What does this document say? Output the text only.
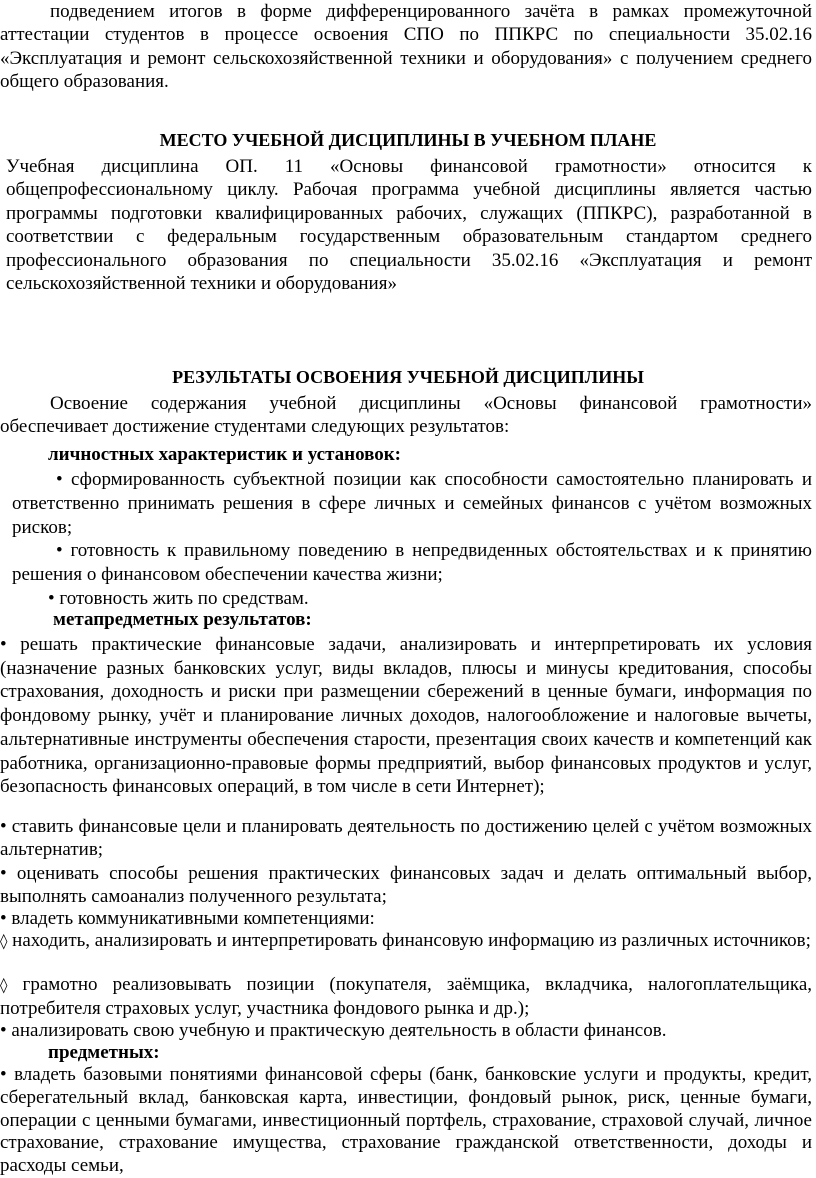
подведением итогов в форме дифференцированного зачёта в рамках промежуточной аттестации студентов в процессе освоения СПО по ППКРС по специальности 35.02.16 «Эксплуатация и ремонт сельскохозяйственной техники и оборудования» с получением среднего общего образования.

МЕСТО УЧЕБНОЙ ДИСЦИПЛИНЫ В УЧЕБНОМ ПЛАНЕ

Учебная дисциплина ОП. 11 «Основы финансовой грамотности» относится к общепрофессиональному циклу. Рабочая программа учебной дисциплины является частью программы подготовки квалифицированных рабочих, служащих (ППКРС), разработанной в соответствии с федеральным государственным образовательным стандартом среднего профессионального образования по специальности 35.02.16 «Эксплуатация и ремонт сельскохозяйственной техники и оборудования»

РЕЗУЛЬТАТЫ ОСВОЕНИЯ УЧЕБНОЙ ДИСЦИПЛИНЫ

Освоение содержания учебной дисциплины «Основы финансовой грамотности» обеспечивает достижение студентами следующих результатов:

личностных характеристик и установок:

• сформированность субъектной позиции как способности самостоятельно планировать и ответственно принимать решения в сфере личных и семейных финансов с учётом возможных рисков;

• готовность к правильному поведению в непредвиденных обстоятельствах и к принятию решения о финансовом обеспечении качества жизни;

• готовность жить по средствам.

метапредметных результатов:

• решать практические финансовые задачи, анализировать и интерпретировать их условия (назначение разных банковских услуг, виды вкладов, плюсы и минусы кредитования, способы страхования, доходность и риски при размещении сбережений в ценные бумаги, информация по фондовому рынку, учёт и планирование личных доходов, налогообложение и налоговые вычеты, альтернативные инструменты обеспечения старости, презентация своих качеств и компетенций как работника, организационно-правовые формы предприятий, выбор финансовых продуктов и услуг, безопасность финансовых операций, в том числе в сети Интернет);

• ставить финансовые цели и планировать деятельность по достижению целей с учётом возможных альтернатив;

• оценивать способы решения практических финансовых задач и делать оптимальный выбор, выполнять самоанализ полученного результата;

• владеть коммуникативными компетенциями:

◊ находить, анализировать и интерпретировать финансовую информацию из различных источников;

◊ грамотно реализовывать позиции (покупателя, заёмщика, вкладчика, налогоплательщика, потребителя страховых услуг, участника фондового рынка и др.);

• анализировать свою учебную и практическую деятельность в области финансов.

предметных:

• владеть базовыми понятиями финансовой сферы (банк, банковские услуги и продукты, кредит, сберегательный вклад, банковская карта, инвестиции, фондовый рынок, риск, ценные бумаги, операции с ценными бумагами, инвестиционный портфель, страхование, страховой случай, личное страхование, страхование имущества, страхование гражданской ответственности, доходы и расходы семьи,
